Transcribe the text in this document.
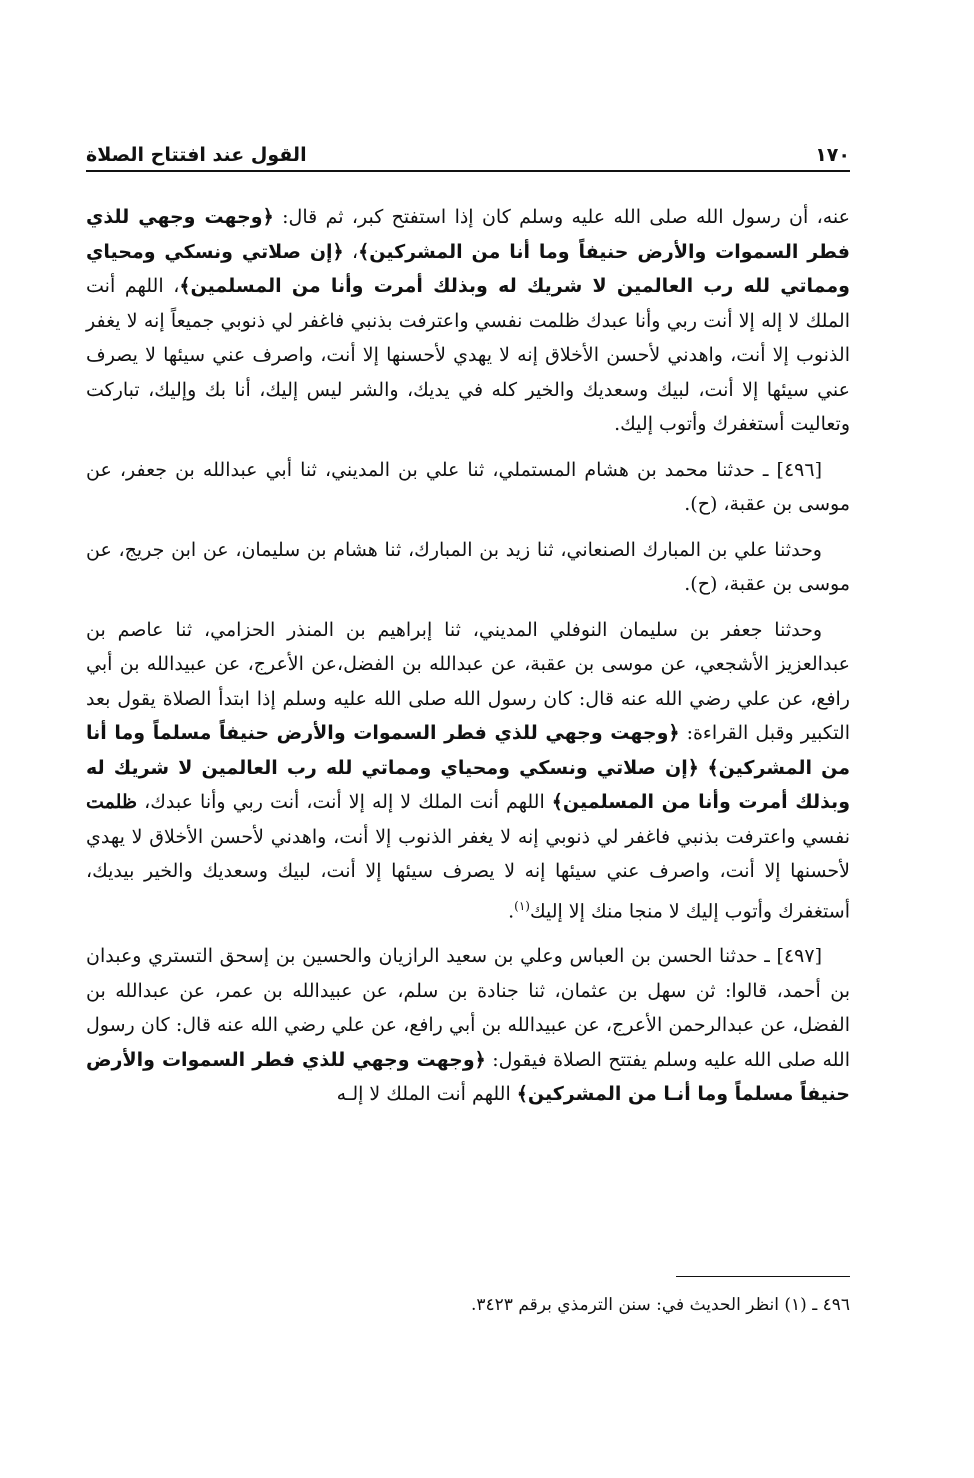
١٧٠
القول عند افتتاح الصلاة

عنه، أن رسول الله صلى الله عليه وسلم كان إذا استفتح كبر، ثم قال: ﴿وجهت وجهي للذي فطر السموات والأرض حنيفاً وما أنا من المشركين﴾، ﴿إن صلاتي ونسكي ومحياي ومماتي لله رب العالمين لا شريك له وبذلك أمرت وأنا من المسلمين﴾، اللهم أنت الملك لا إله إلا أنت ربي وأنا عبدك ظلمت نفسي واعترفت بذنبي فاغفر لي ذنوبي جميعاً إنه لا يغفر الذنوب إلا أنت، واهدني لأحسن الأخلاق إنه لا يهدي لأحسنها إلا أنت، واصرف عني سيئها لا يصرف عني سيئها إلا أنت، لبيك وسعديك والخير كله في يديك، والشر ليس إليك، أنا بك وإليك، تباركت وتعاليت أستغفرك وأتوب إليك.

[٤٩٦] ـ حدثنا محمد بن هشام المستملي، ثنا علي بن المديني، ثنا أبي عبدالله بن جعفر، عن موسى بن عقبة، (ح).

وحدثنا علي بن المبارك الصنعاني، ثنا زيد بن المبارك، ثنا هشام بن سليمان، عن ابن جريج، عن موسى بن عقبة، (ح).

وحدثنا جعفر بن سليمان النوفلي المديني، ثنا إبراهيم بن المنذر الحزامي، ثنا عاصم بن عبدالعزيز الأشجعي، عن موسى بن عقبة، عن عبدالله بن الفضل،عن الأعرج، عن عبيدالله بن أبي رافع، عن علي رضي الله عنه قال: كان رسول الله صلى الله عليه وسلم إذا ابتدأ الصلاة يقول بعد التكبير وقبل القراءة: ﴿وجهت وجهي للذي فطر السموات والأرض حنيفاً مسلماً وما أنا من المشركين﴾ ﴿إن صلاتي ونسكي ومحياي ومماتي لله رب العالمين لا شريك له وبذلك أمرت وأنا من المسلمين﴾ اللهم أنت الملك لا إله إلا أنت، أنت ربي وأنا عبدك، ظلمت نفسي واعترفت بذنبي فاغفر لي ذنوبي إنه لا يغفر الذنوب إلا أنت، واهدني لأحسن الأخلاق لا يهدي لأحسنها إلا أنت، واصرف عني سيئها إنه لا يصرف سيئها إلا أنت، لبيك وسعديك والخير بيديك، أستغفرك وأتوب إليك لا منجا منك إلا إليك$^{(١)}$.

[٤٩٧] ـ حدثنا الحسن بن العباس وعلي بن سعيد الرازيان والحسين بن إسحق التستري وعبدان بن أحمد، قالوا: ثن سهل بن عثمان، ثنا جنادة بن سلم، عن عبيدالله بن عمر، عن عبدالله بن الفضل، عن عبدالرحمن الأعرج، عن عبيدالله بن أبي رافع، عن علي رضي الله عنه قال: كان رسول الله صلى الله عليه وسلم يفتتح الصلاة فيقول: ﴿وجهت وجهي للذي فطر السموات والأرض حنيفاً مسلماً وما أنـا من المشركين﴾ اللهم أنت الملك لا إلـه

٤٩٦ ـ (١) انظر الحديث في: سنن الترمذي برقم ٣٤٢٣.
